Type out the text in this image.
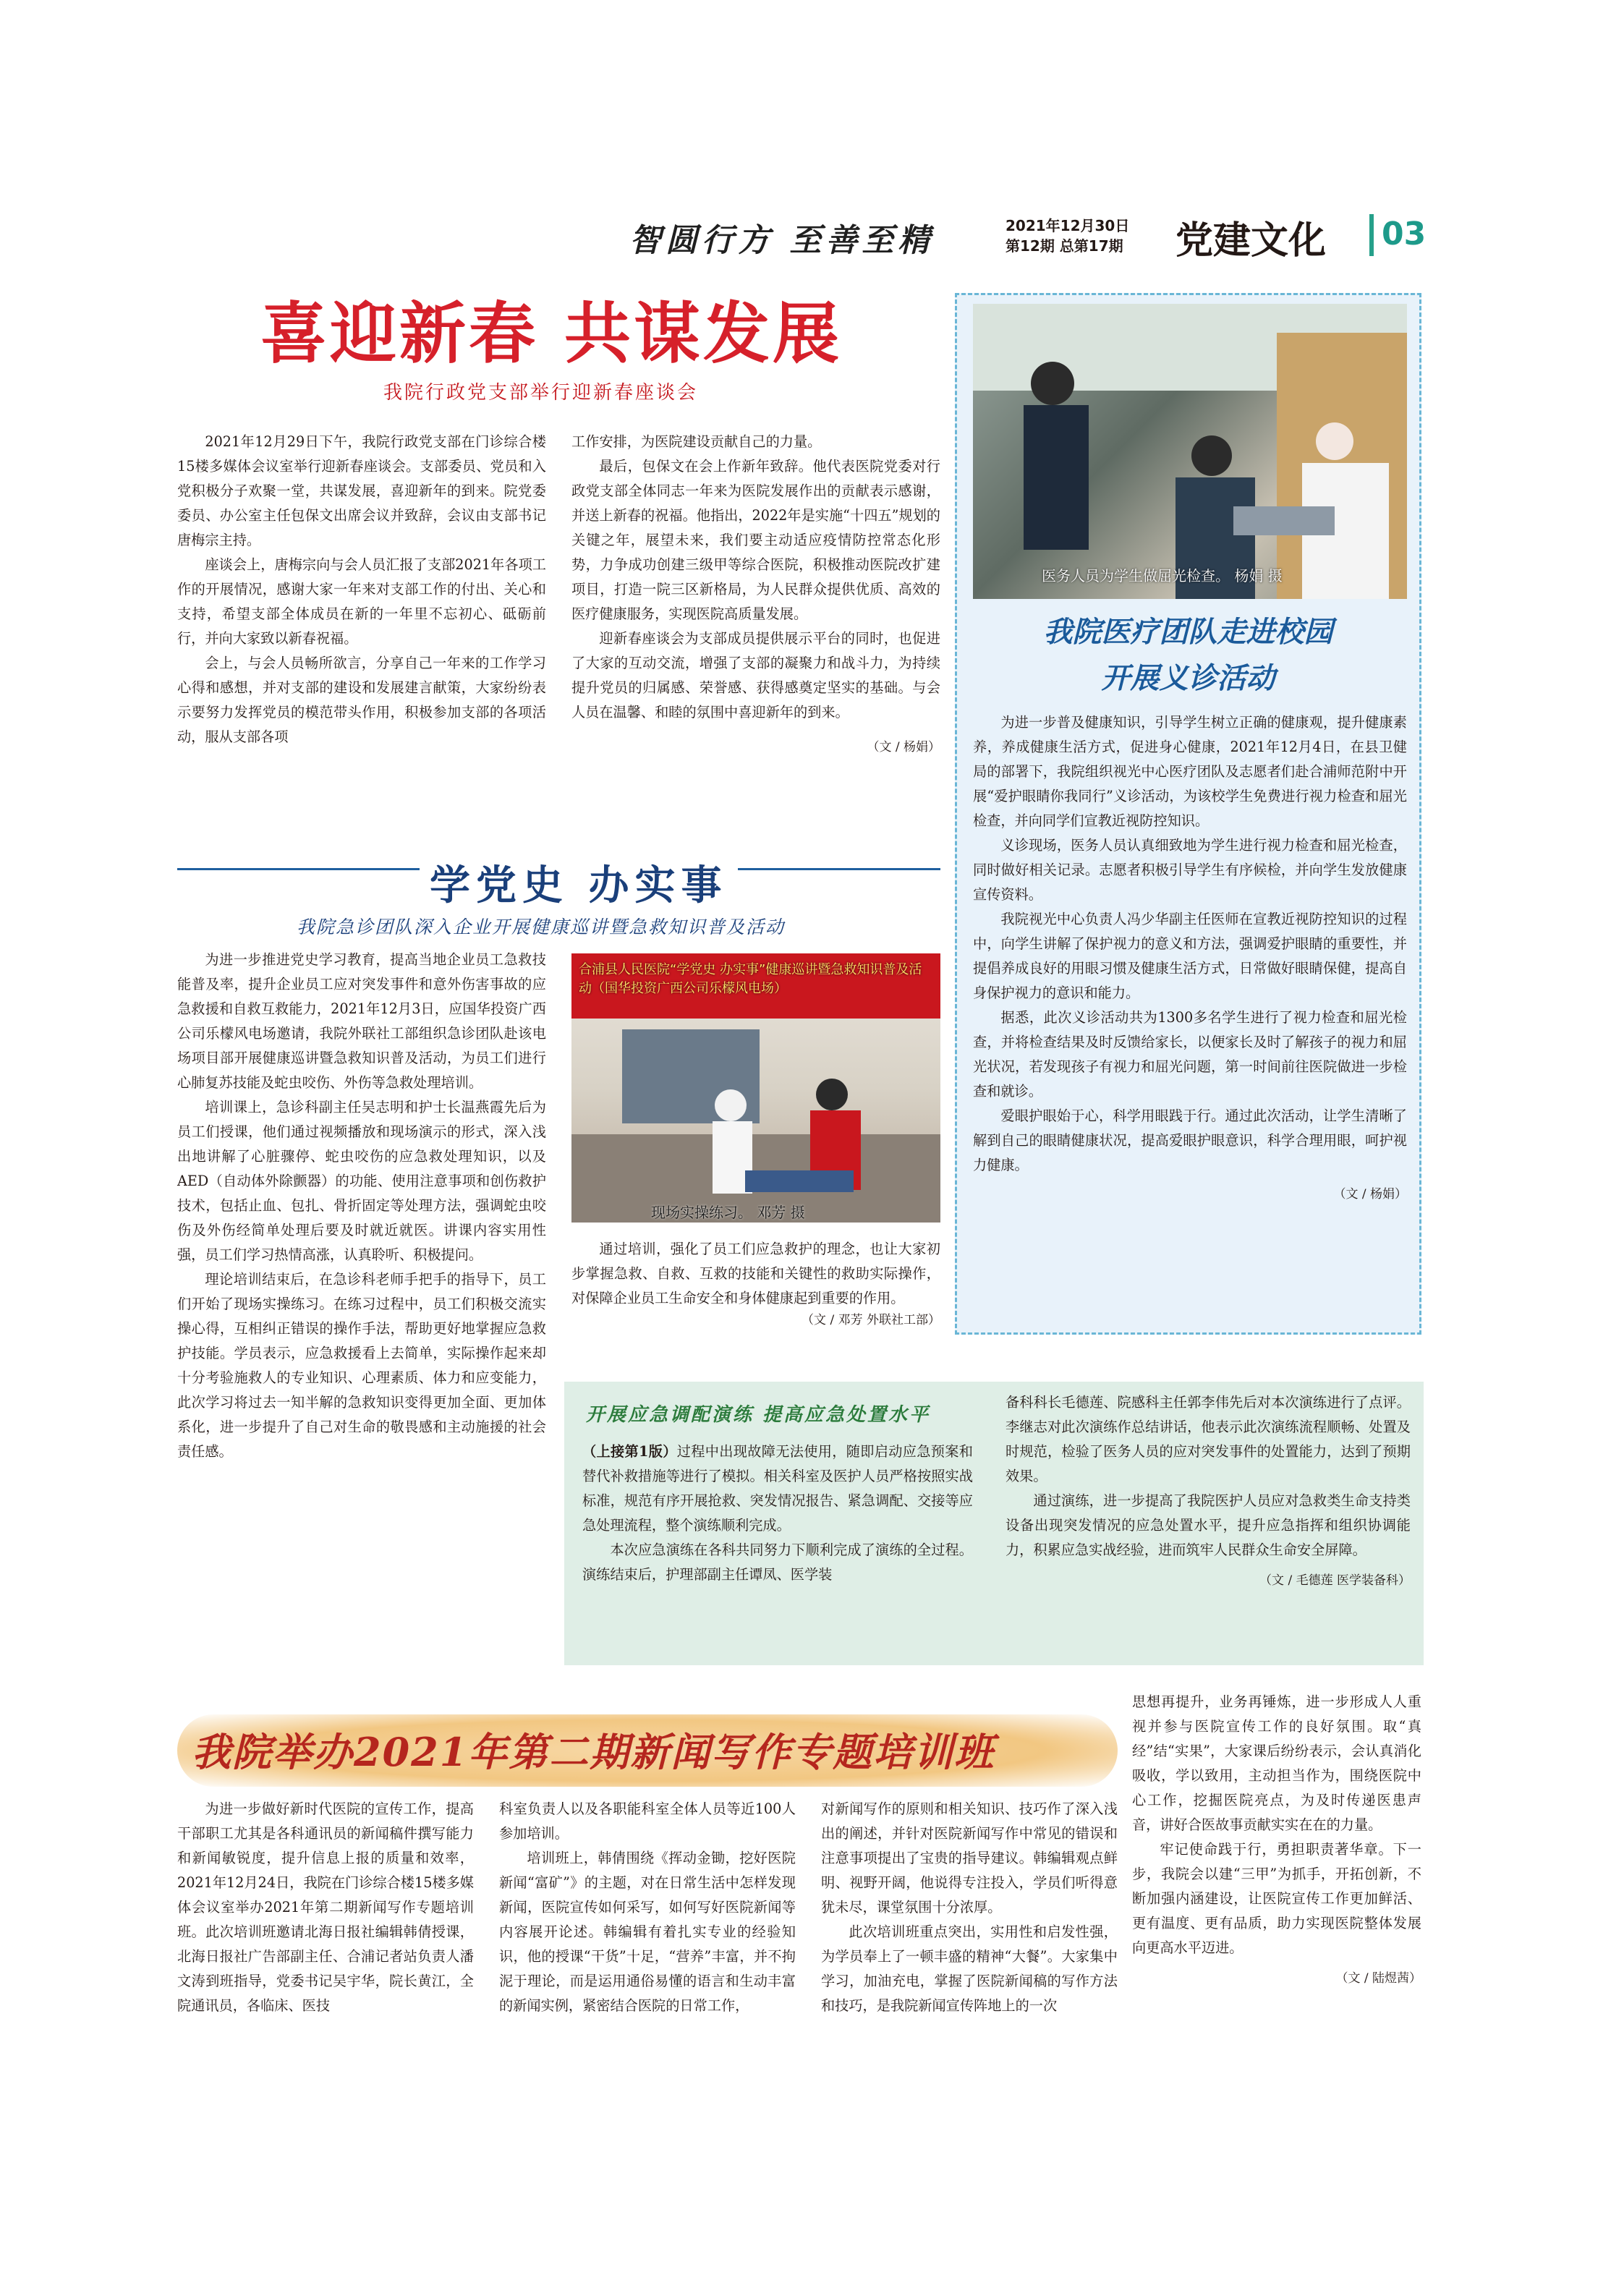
智圆行方 至善至精	2021年12月30日
第12期 总第17期 党建文化 03
喜迎新春 共谋发展
我院行政党支部举行迎新春座谈会

2021年12月29日下午，我院行政党支部在门诊综合楼15楼多媒体会议室举行迎新春座谈会。支部委员、党员和入党积极分子欢聚一堂，共谋发展，喜迎新年的到来。院党委委员、办公室主任包保文出席会议并致辞，会议由支部书记唐梅宗主持。

座谈会上，唐梅宗向与会人员汇报了支部2021年各项工作的开展情况，感谢大家一年来对支部工作的付出、关心和支持，希望支部全体成员在新的一年里不忘初心、砥砺前行，并向大家致以新春祝福。

会上，与会人员畅所欲言，分享自己一年来的工作学习心得和感想，并对支部的建设和发展建言献策，大家纷纷表示要努力发挥党员的模范带头作用，积极参加支部的各项活动，服从支部各项

工作安排，为医院建设贡献自己的力量。

最后，包保文在会上作新年致辞。他代表医院党委对行政党支部全体同志一年来为医院发展作出的贡献表示感谢，并送上新春的祝福。他指出，2022年是实施“十四五”规划的关键之年，展望未来，我们要主动适应疫情防控常态化形势，力争成功创建三级甲等综合医院，积极推动医院改扩建项目，打造一院三区新格局，为人民群众提供优质、高效的医疗健康服务，实现医院高质量发展。

迎新春座谈会为支部成员提供展示平台的同时，也促进了大家的互动交流，增强了支部的凝聚力和战斗力，为持续提升党员的归属感、荣誉感、获得感奠定坚实的基础。与会人员在温馨、和睦的氛围中喜迎新年的到来。

（文 / 杨娟）
医务人员为学生做屈光检查。 杨娟 摄
我院医疗团队走进校园
开展义诊活动

为进一步普及健康知识，引导学生树立正确的健康观，提升健康素养，养成健康生活方式，促进身心健康，2021年12月4日，在县卫健局的部署下，我院组织视光中心医疗团队及志愿者们赴合浦师范附中开展“爱护眼睛你我同行”义诊活动，为该校学生免费进行视力检查和屈光检查，并向同学们宣教近视防控知识。

义诊现场，医务人员认真细致地为学生进行视力检查和屈光检查，同时做好相关记录。志愿者积极引导学生有序候检，并向学生发放健康宣传资料。

我院视光中心负责人冯少华副主任医师在宣教近视防控知识的过程中，向学生讲解了保护视力的意义和方法，强调爱护眼睛的重要性，并提倡养成良好的用眼习惯及健康生活方式，日常做好眼睛保健，提高自身保护视力的意识和能力。

据悉，此次义诊活动共为1300多名学生进行了视力检查和屈光检查，并将检查结果及时反馈给家长，以便家长及时了解孩子的视力和屈光状况，若发现孩子有视力和屈光问题，第一时间前往医院做进一步检查和就诊。

爱眼护眼始于心，科学用眼践于行。通过此次活动，让学生清晰了解到自己的眼睛健康状况，提高爱眼护眼意识，科学合理用眼，呵护视力健康。

（文 / 杨娟）
学党史 办实事
我院急诊团队深入企业开展健康巡讲暨急救知识普及活动

为进一步推进党史学习教育，提高当地企业员工急救技能普及率，提升企业员工应对突发事件和意外伤害事故的应急救援和自救互救能力，2021年12月3日，应国华投资广西公司乐檬风电场邀请，我院外联社工部组织急诊团队赴该电场项目部开展健康巡讲暨急救知识普及活动，为员工们进行心肺复苏技能及蛇虫咬伤、外伤等急救处理培训。

培训课上，急诊科副主任吴志明和护士长温燕霞先后为员工们授课，他们通过视频播放和现场演示的形式，深入浅出地讲解了心脏骤停、蛇虫咬伤的应急救处理知识，以及AED（自动体外除颤器）的功能、使用注意事项和创伤救护技术，包括止血、包扎、骨折固定等处理方法，强调蛇虫咬伤及外伤经简单处理后要及时就近就医。讲课内容实用性强，员工们学习热情高涨，认真聆听、积极提问。

理论培训结束后，在急诊科老师手把手的指导下，员工们开始了现场实操练习。在练习过程中，员工们积极交流实操心得，互相纠正错误的操作手法，帮助更好地掌握应急救护技能。学员表示，应急救援看上去简单，实际操作起来却十分考验施救人的专业知识、心理素质、体力和应变能力，此次学习将过去一知半解的急救知识变得更加全面、更加体系化，进一步提升了自己对生命的敬畏感和主动施援的社会责任感。

合浦县人民医院“学党史 办实事”健康巡讲暨急救知识普及活动（国华投资广西公司乐檬风电场）
现场实操练习。 邓芳 摄

通过培训，强化了员工们应急救护的理念，也让大家初步掌握急救、自救、互救的技能和关键性的救助实际操作，对保障企业员工生命安全和身体健康起到重要的作用。

（文 / 邓芳 外联社工部）
开展应急调配演练 提高应急处置水平
（上接第1版）过程中出现故障无法使用，随即启动应急预案和替代补救措施等进行了模拟。相关科室及医护人员严格按照实战标准，规范有序开展抢救、突发情况报告、紧急调配、交接等应急处理流程，整个演练顺利完成。

本次应急演练在各科共同努力下顺利完成了演练的全过程。演练结束后，护理部副主任谭凤、医学装

备科科长毛德莲、院感科主任郭李伟先后对本次演练进行了点评。李继志对此次演练作总结讲话，他表示此次演练流程顺畅、处置及时规范，检验了医务人员的应对突发事件的处置能力，达到了预期效果。

通过演练，进一步提高了我院医护人员应对急救类生命支持类设备出现突发情况的应急处置水平，提升应急指挥和组织协调能力，积累应急实战经验，进而筑牢人民群众生命安全屏障。

（文 / 毛德莲 医学装备科）
我院举办2021年第二期新闻写作专题培训班

为进一步做好新时代医院的宣传工作，提高干部职工尤其是各科通讯员的新闻稿件撰写能力和新闻敏锐度，提升信息上报的质量和效率，2021年12月24日，我院在门诊综合楼15楼多媒体会议室举办2021年第二期新闻写作专题培训班。此次培训班邀请北海日报社编辑韩倩授课，北海日报社广告部副主任、合浦记者站负责人潘文涛到班指导，党委书记吴宇华，院长黄江，全院通讯员，各临床、医技

科室负责人以及各职能科室全体人员等近100人参加培训。

培训班上，韩倩围绕《挥动金锄，挖好医院新闻“富矿”》的主题，对在日常生活中怎样发现新闻，医院宣传如何采写，如何写好医院新闻等内容展开论述。韩编辑有着扎实专业的经验知识，他的授课“干货”十足，“营养”丰富，并不拘泥于理论，而是运用通俗易懂的语言和生动丰富的新闻实例，紧密结合医院的日常工作，

对新闻写作的原则和相关知识、技巧作了深入浅出的阐述，并针对医院新闻写作中常见的错误和注意事项提出了宝贵的指导建议。韩编辑观点鲜明、视野开阔，他说得专注投入，学员们听得意犹未尽，课堂氛围十分浓厚。

此次培训班重点突出，实用性和启发性强，为学员奉上了一顿丰盛的精神“大餐”。大家集中学习，加油充电，掌握了医院新闻稿的写作方法和技巧，是我院新闻宣传阵地上的一次

思想再提升，业务再锤炼，进一步形成人人重视并参与医院宣传工作的良好氛围。取“真经”结“实果”，大家课后纷纷表示，会认真消化吸收，学以致用，主动担当作为，围绕医院中心工作，挖掘医院亮点，为及时传递医患声音，讲好合医故事贡献实实在在的力量。

牢记使命践于行，勇担职责著华章。下一步，我院会以建“三甲”为抓手，开拓创新，不断加强内涵建设，让医院宣传工作更加鲜活、更有温度、更有品质，助力实现医院整体发展向更高水平迈进。

（文 / 陆煜茜）
